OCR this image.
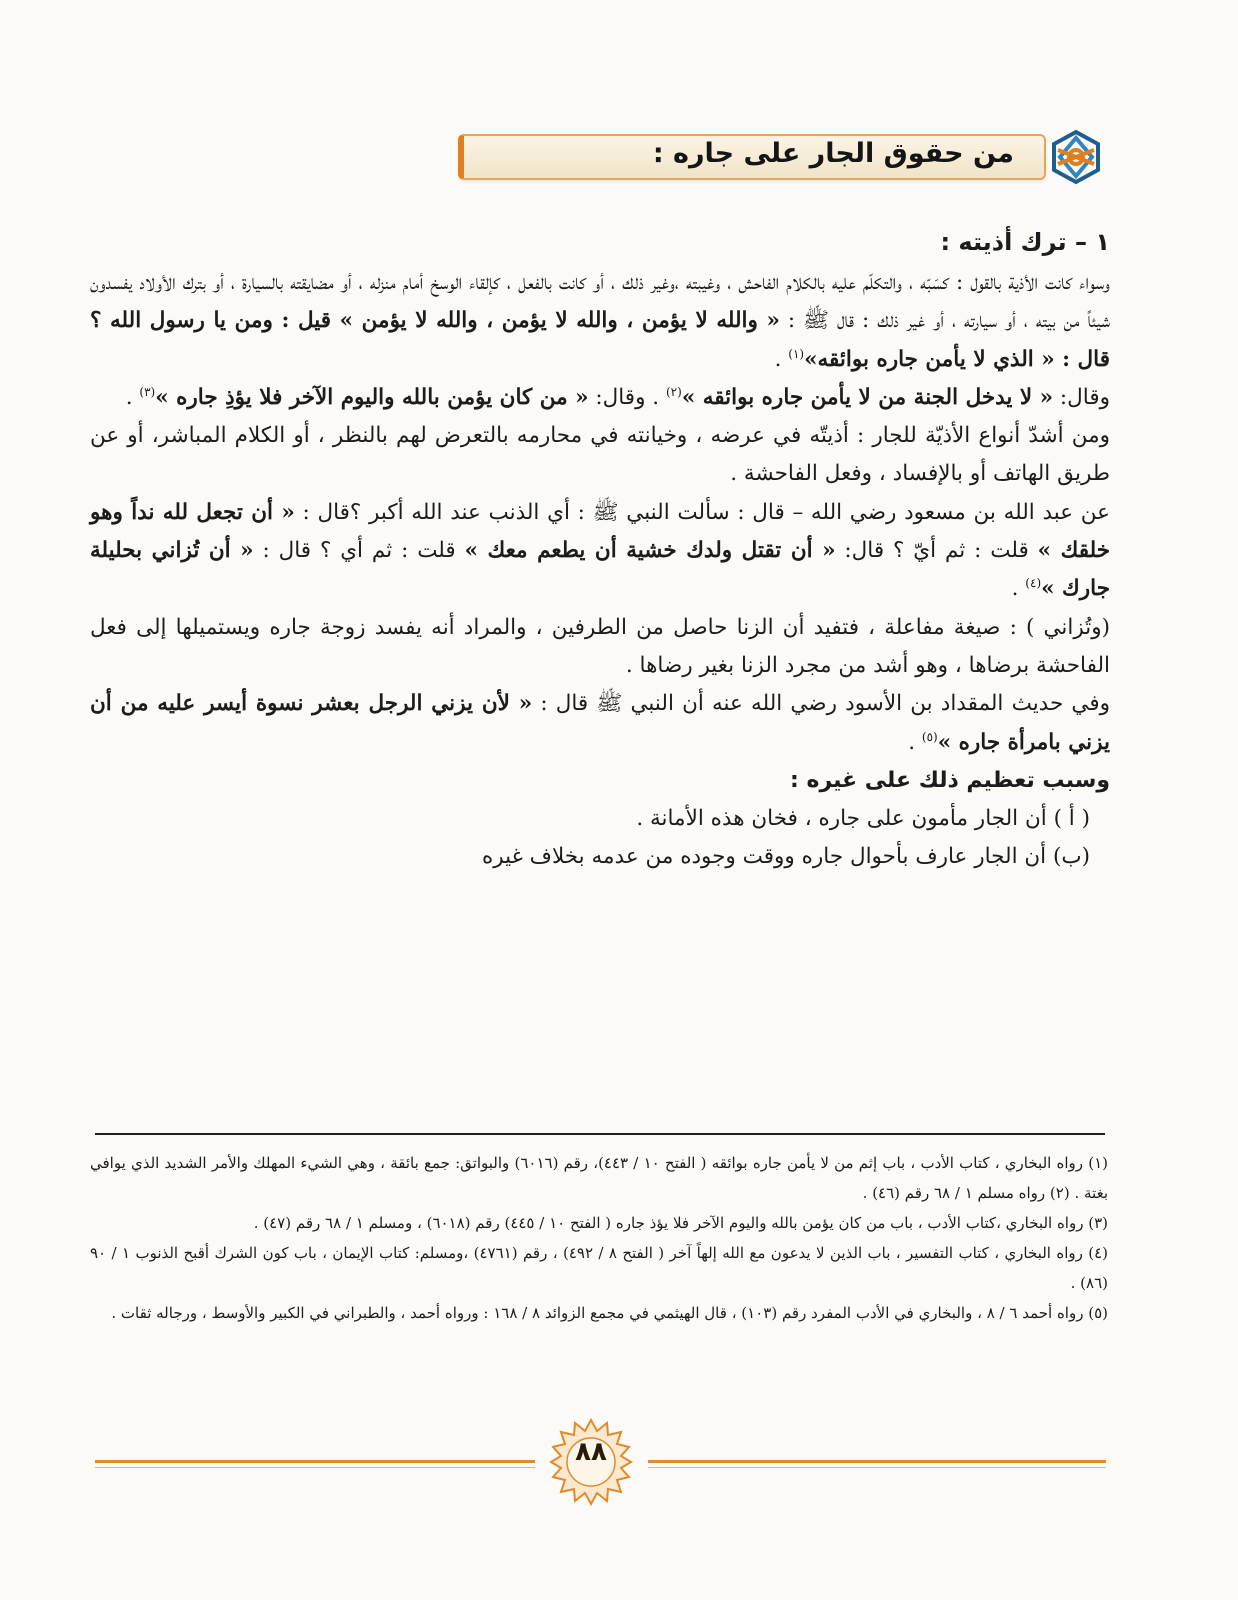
من حقوق الجار على جاره :
١ – ترك أذيته :

وسواء كانت الأذية بالقول : كسَبّه ، والتكلّم عليه بالكلام الفاحش ، وغيبته ،وغير ذلك ، أو كانت بالفعل ، كإلقاء الوسخ أمام منزله ، أو مضايقته بالسيارة ، أو بترك الأولاد يفسدون شيئاً من بيته ، أو سيارته ، أو غير ذلك : قال ﷺ : « والله لا يؤمن ، والله لا يؤمن ، والله لا يؤمن » قيل : ومن يا رسول الله ؟ قال : « الذي لا يأمن جاره بوائقه»$^{(١)}$ .

وقال: « لا يدخل الجنة من لا يأمن جاره بوائقه »$^{(٢)}$ . وقال: « من كان يؤمن بالله واليوم الآخر فلا يؤذِ جاره »$^{(٣)}$ .

ومن أشدّ أنواع الأذيّة للجار : أذيتّه في عرضه ، وخيانته في محارمه بالتعرض لهم بالنظر ، أو الكلام المباشر، أو عن طريق الهاتف أو بالإفساد ، وفعل الفاحشة .

عن عبد الله بن مسعود رضي الله – قال : سألت النبي ﷺ : أي الذنب عند الله أكبر ؟قال : « أن تجعل لله نداً وهو خلقك » قلت : ثم أيّ ؟ قال: « أن تقتل ولدك خشية أن يطعم معك » قلت : ثم أي ؟ قال : « أن تُزاني بحليلة جارك »$^{(٤)}$ .

(وتُزاني ) : صيغة مفاعلة ، فتفيد أن الزنا حاصل من الطرفين ، والمراد أنه يفسد زوجة جاره ويستميلها إلى فعل الفاحشة برضاها ، وهو أشد من مجرد الزنا بغير رضاها .

وفي حديث المقداد بن الأسود رضي الله عنه أن النبي ﷺ قال : « لأن يزني الرجل بعشر نسوة أيسر عليه من أن يزني بامرأة جاره »$^{(٥)}$ .

وسبب تعظيم ذلك على غيره :

( أ ) أن الجار مأمون على جاره ، فخان هذه الأمانة .

(ب) أن الجار عارف بأحوال جاره ووقت وجوده من عدمه بخلاف غيره

(١) رواه البخاري ، كتاب الأدب ، باب إثم من لا يأمن جاره بوائقه ( الفتح ١٠ / ٤٤٣)، رقم (٦٠١٦) والبواتق: جمع بائقة ، وهي الشيء المهلك والأمر الشديد الذي يوافي بغتة . (٢) رواه مسلم ١ / ٦٨ رقم (٤٦) .

(٣) رواه البخاري ،كتاب الأدب ، باب من كان يؤمن بالله واليوم الآخر فلا يؤذ جاره ( الفتح ١٠ / ٤٤٥) رقم (٦٠١٨) ، ومسلم ١ / ٦٨ رقم (٤٧) .

(٤) رواه البخاري ، كتاب التفسير ، باب الذين لا يدعون مع الله إلهاً آخر ( الفتح ٨ / ٤٩٢) ، رقم (٤٧٦١) ،ومسلم: كتاب الإيمان ، باب كون الشرك أقبح الذنوب ١ / ٩٠ (٨٦) .

(٥) رواه أحمد ٦ / ٨ ، والبخاري في الأدب المفرد رقم (١٠٣) ، قال الهيثمي في مجمع الزوائد ٨ / ١٦٨ : ورواه أحمد ، والطبراني في الكبير والأوسط ، ورجاله ثقات .

٨٨
